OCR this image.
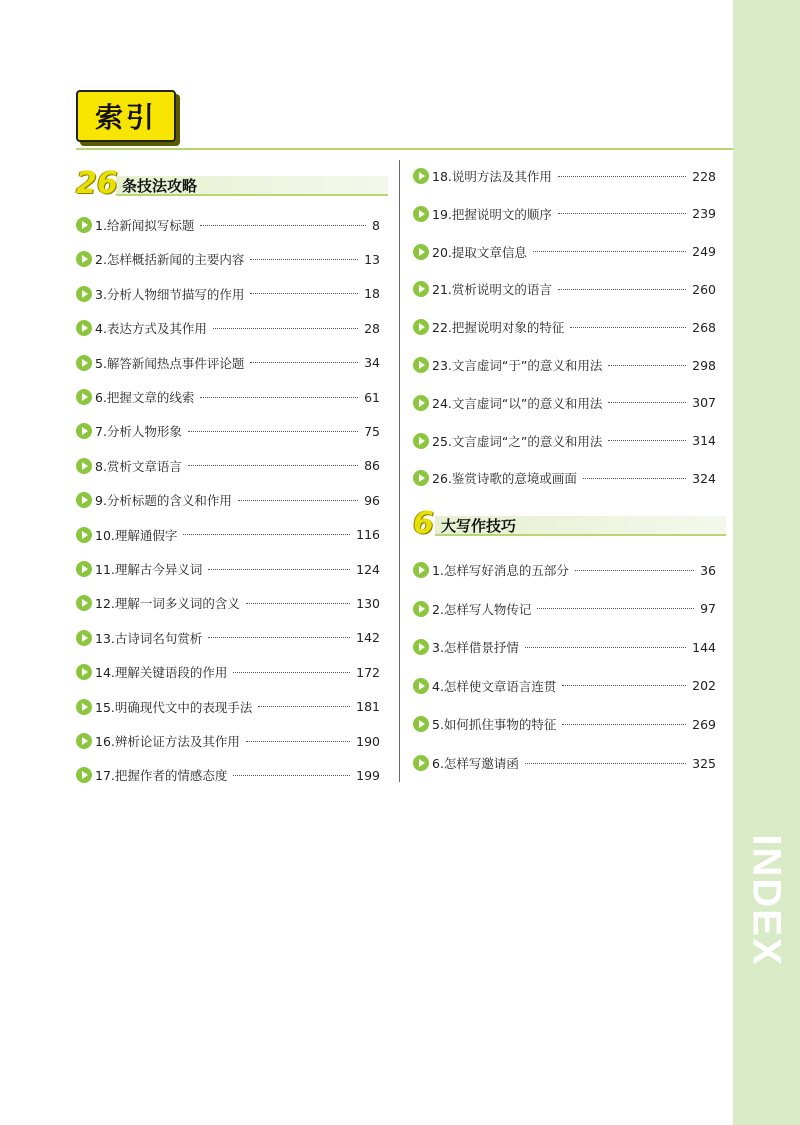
INDEX
索引
26 条技法攻略
1.给新闻拟写标题	8
2.怎样概括新闻的主要内容	13
3.分析人物细节描写的作用	18
4.表达方式及其作用	28
5.解答新闻热点事件评论题	34
6.把握文章的线索	61
7.分析人物形象	75
8.赏析文章语言	86
9.分析标题的含义和作用	96
10.理解通假字	116
11.理解古今异义词	124
12.理解一词多义词的含义	130
13.古诗词名句赏析	142
14.理解关键语段的作用	172
15.明确现代文中的表现手法	181
16.辨析论证方法及其作用	190
17.把握作者的情感态度	199
18.说明方法及其作用	228
19.把握说明文的顺序	239
20.提取文章信息	249
21.赏析说明文的语言	260
22.把握说明对象的特征	268
23.文言虚词“于”的意义和用法	298
24.文言虚词“以”的意义和用法	307
25.文言虚词“之”的意义和用法	314
26.鉴赏诗歌的意境或画面	324
6 大写作技巧
1.怎样写好消息的五部分	36
2.怎样写人物传记	97
3.怎样借景抒情	144
4.怎样使文章语言连贯	202
5.如何抓住事物的特征	269
6.怎样写邀请函	325
